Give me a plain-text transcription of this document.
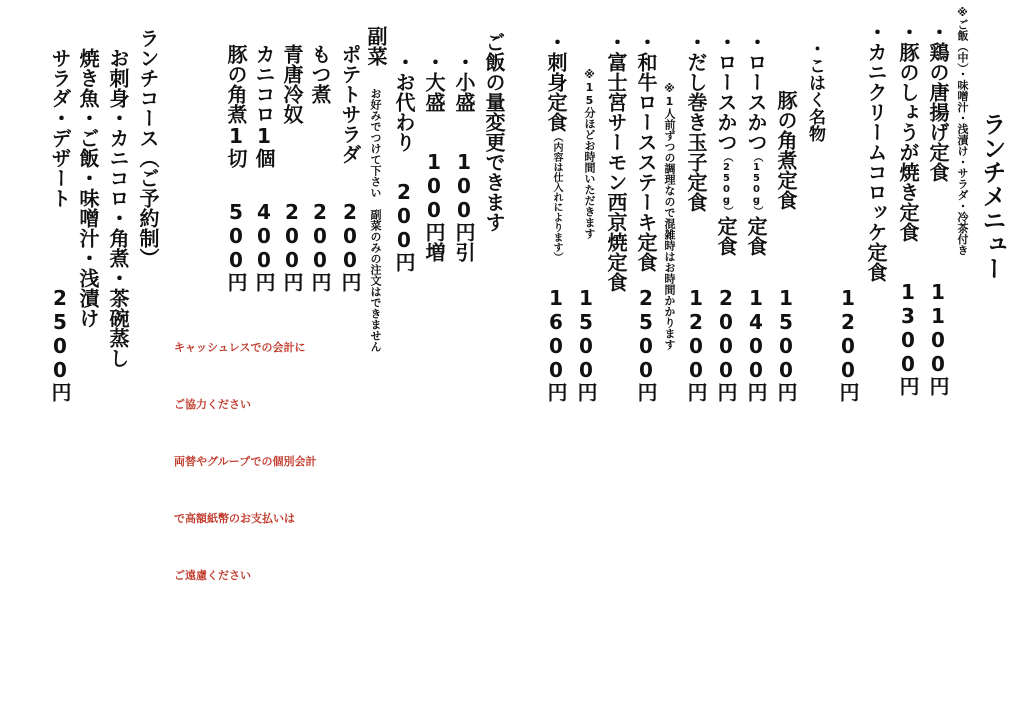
ランチメニュー
※ご飯（中）・味噌汁・浅漬け・サラダ・冷茶付き
・鶏の唐揚げ定食
1100円
・豚のしょうが焼き定食
1300円
・カニクリームコロッケ定食
1200円
・こはく名物
豚の角煮定食
1500円
・ロースかつ（150g）定食
1400円
・ロースかつ（250g）定食
2000円
・だし巻き玉子定食
1200円
※1人前ずつの調理なので混雑時はお時間かかります
・和牛ロースステーキ定食
2500円
・富士宮サーモン西京焼定食
※15分ほどお時間いただきます
1500円
・刺身定食（内容は仕入れによります）
1600円
ご飯の量変更できます
・小盛
100円引
・大盛
100円増
・お代わり
200円
副菜
お好みでつけて下さい　副菜のみの注文はできません
ポテトサラダ
200円
もつ煮
200円
青唐冷奴
200円
カニコロ1個
400円
豚の角煮1切
500円

キャッシュレスでの会計に

ご協力ください

両替やグループでの個別会計

で高額紙幣のお支払いは

ご遠慮ください

ランチコース（ご予約制）
お刺身・カニコロ・角煮・茶碗蒸し
焼き魚・ご飯・味噌汁・浅漬け
サラダ・デザート
2500円
